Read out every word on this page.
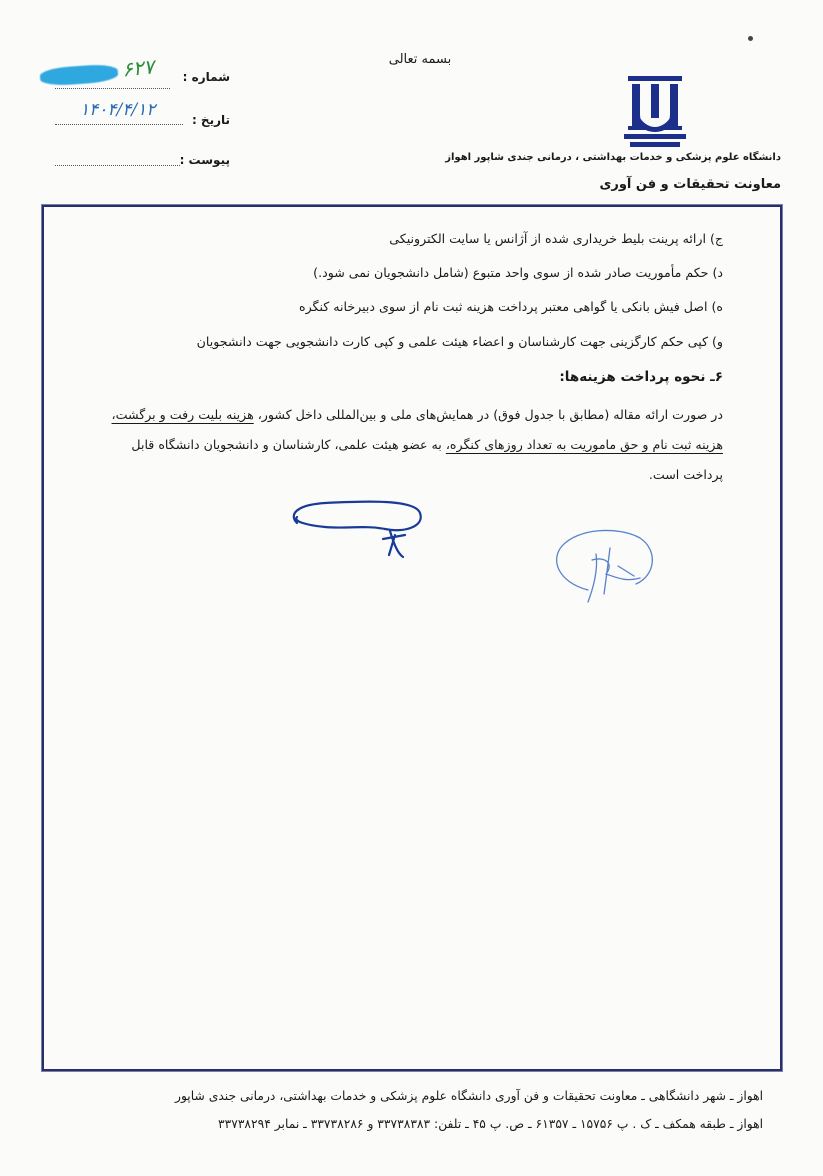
بسمه تعالی
دانشگاه علوم پزشکی و خدمات بهداشتی ، درمانی جندی شاپور اهواز
معاونت تحقیقات و فن آوری
شماره :
۶۲۷
تاریخ :
۱۴۰۴/۴/۱۲
پیوست :
ج) ارائه پرینت بلیط خریداری شده از آژانس یا سایت الکترونیکی
د) حکم مأموریت صادر شده از سوی واحد متبوع (شامل دانشجویان نمی شود.)
ه) اصل فیش بانکی یا گواهی معتبر پرداخت هزینه ثبت نام از سوی دبیرخانه کنگره
و) کپی حکم کارگزینی جهت کارشناسان و اعضاء هیئت علمی و کپی کارت دانشجویی جهت دانشجویان
۶ـ نحوه پرداخت هزینه‌ها:
در صورت ارائه مقاله (مطابق با جدول فوق) در همایش‌های ملی و بین‌المللی داخل کشور، هزینه بلیت رفت و برگشت،
هزینه ثبت نام و حق ماموریت به تعداد روزهای کنگره، به عضو هیئت علمی، کارشناسان و دانشجویان دانشگاه قابل
پرداخت است.
اهواز ـ شهر دانشگاهی ـ معاونت تحقیقات و فن آوری دانشگاه علوم پزشکی و خدمات بهداشتی، درمانی جندی شاپور
اهواز ـ طبقه همکف ـ ک . پ ۱۵۷۵۶ ـ ۶۱۳۵۷ ـ ص. پ ۴۵ ـ تلفن: ۳۳۷۳۸۳۸۳ و ۳۳۷۳۸۲۸۶ ـ نمابر ۳۳۷۳۸۲۹۴
